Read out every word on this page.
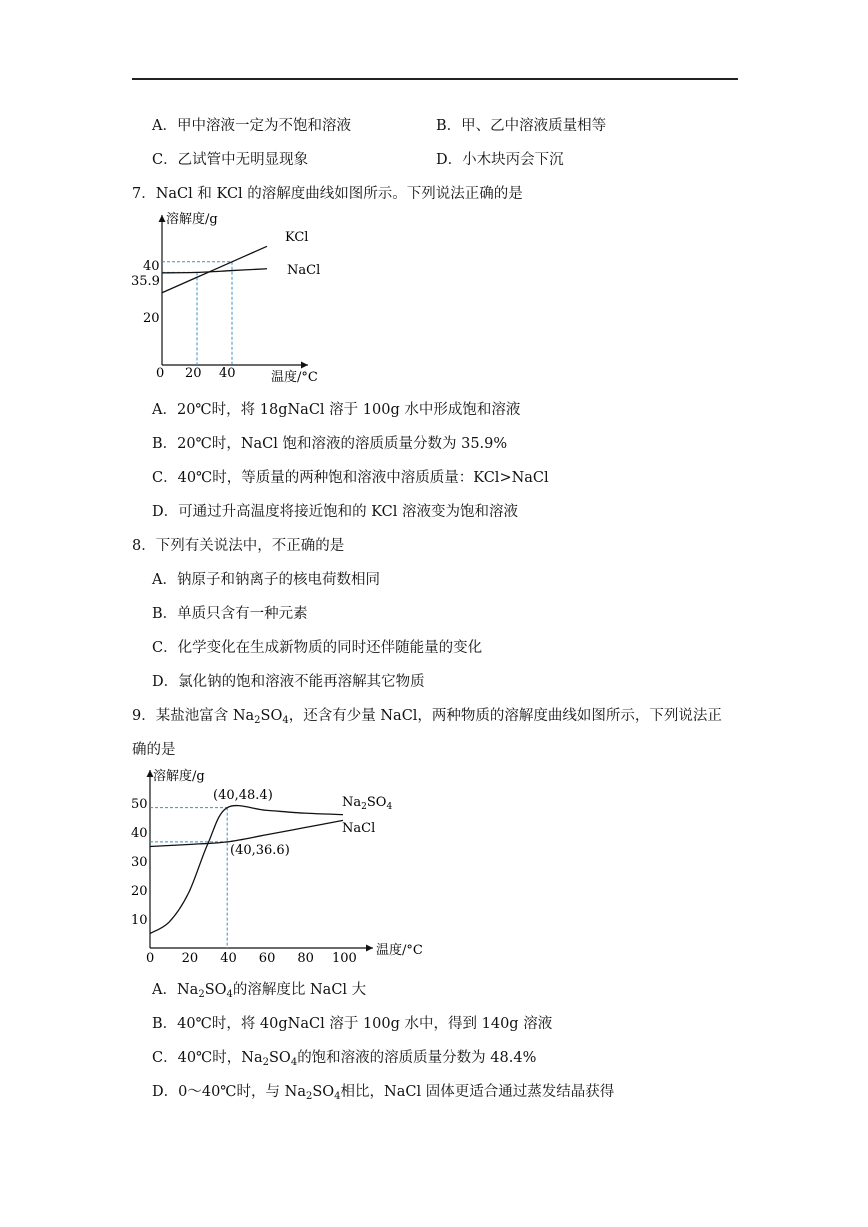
A．甲中溶液一定为不饱和溶液	B．甲、乙中溶液质量相等
C．乙试管中无明显现象	D．小木块丙会下沉
7．NaCl 和 KCl 的溶解度曲线如图所示。下列说法正确的是
溶解度/g
温度/°C
0 20 40
20
35.9
40
KCl
NaCl
A．20℃时，将 18gNaCl 溶于 100g 水中形成饱和溶液
B．20℃时，NaCl 饱和溶液的溶质质量分数为 35.9%
C．40℃时，等质量的两种饱和溶液中溶质质量：KCl>NaCl
D．可通过升高温度将接近饱和的 KCl 溶液变为饱和溶液
8．下列有关说法中，不正确的是
A．钠原子和钠离子的核电荷数相同
B．单质只含有一种元素
C．化学变化在生成新物质的同时还伴随能量的变化
D．氯化钠的饱和溶液不能再溶解其它物质
9．某盐池富含 $Na_2SO_4$，还含有少量 NaCl，两种物质的溶解度曲线如图所示，下列说法正
确的是
溶解度/g
温度/°C
0 20 40 60 80 100
10
20
30
40
50
(40,48.4)
(40,36.6)
$Na_2SO_4$
NaCl
A．$Na_2SO_4$的溶解度比 NaCl 大
B．40℃时，将 40gNaCl 溶于 100g 水中，得到 140g 溶液
C．40℃时，$Na_2SO_4$的饱和溶液的溶质质量分数为 48.4%
D．0～40℃时，与 $Na_2SO_4$相比，NaCl 固体更适合通过蒸发结晶获得
